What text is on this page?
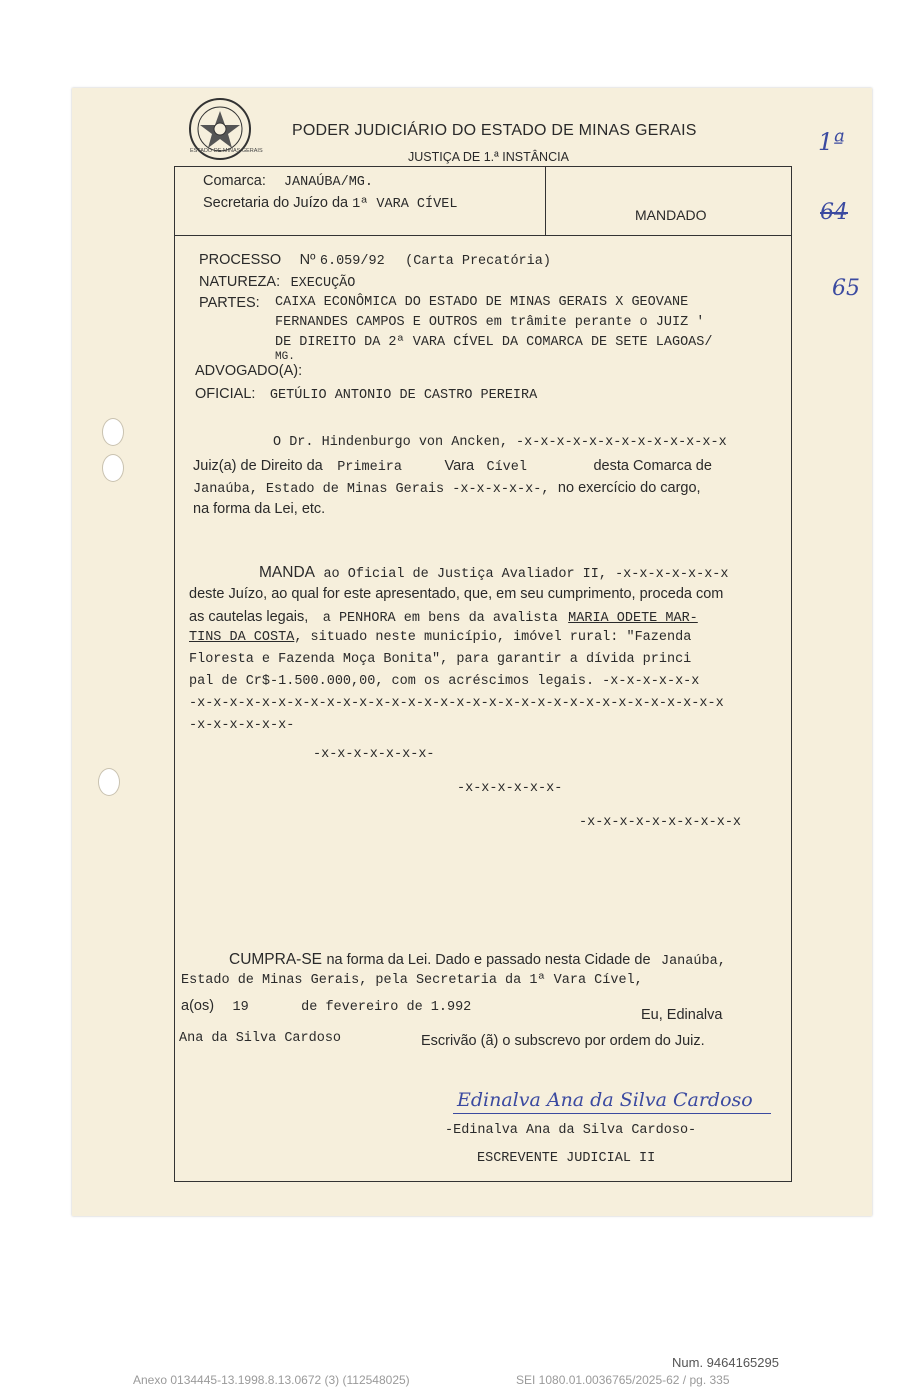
ESTADO DE MINAS GERAIS
PODER JUDICIÁRIO DO ESTADO DE MINAS GERAIS
JUSTIÇA DE 1.ª INSTÂNCIA
Comarca: JANAÚBA/MG.
Secretaria do Juízo da 1ª VARA CÍVEL
MANDADO
PROCESSO Nº 6.059/92 (Carta Precatória)
NATUREZA: EXECUÇÃO
PARTES: CAIXA ECONÔMICA DO ESTADO DE MINAS GERAIS X GEOVANE
FERNANDES CAMPOS E OUTROS em trâmite perante o JUIZ '
DE DIREITO DA 2ª VARA CÍVEL DA COMARCA DE SETE LAGOAS/
MG.
ADVOGADO(A):
OFICIAL: GETÚLIO ANTONIO DE CASTRO PEREIRA
O Dr. Hindenburgo von Ancken, -x-x-x-x-x-x-x-x-x-x-x-x-x
Juiz(a) de Direito da Primeira	Vara Cível	desta Comarca de
Janaúba, Estado de Minas Gerais -x-x-x-x-x-, no exercício do cargo,
na forma da Lei, etc.
MANDA ao Oficial de Justiça Avaliador II, -x-x-x-x-x-x-x
deste Juízo, ao qual for este apresentado, que, em seu cumprimento, proceda com
as cautelas legais, a PENHORA em bens da avalista MARIA ODETE MAR-
TINS DA COSTA, situado neste município, imóvel rural: "Fazenda
Floresta e Fazenda Moça Bonita", para garantir a dívida princi
pal de Cr$-1.500.000,00, com os acréscimos legais. -x-x-x-x-x-x
-x-x-x-x-x-x-x-x-x-x-x-x-x-x-x-x-x-x-x-x-x-x-x-x-x-x-x-x-x-x-x-x-x
-x-x-x-x-x-x-
-x-x-x-x-x-x-x-
-x-x-x-x-x-x-
-x-x-x-x-x-x-x-x-x-x
CUMPRA-SE na forma da Lei. Dado e passado nesta Cidade de Janaúba,
Estado de Minas Gerais, pela Secretaria da 1ª Vara Cível,
a(os) 19	de fevereiro de 1.992	Eu, Edinalva
Ana da Silva Cardoso	Escrivão (ã) o subscrevo por ordem do Juiz.
Edinalva Ana da Silva Cardoso
-Edinalva Ana da Silva Cardoso-
ESCREVENTE JUDICIAL II
1ª
64
65
Num. 9464165295
Anexo 0134445-13.1998.8.13.0672 (3) (112548025)	SEI 1080.01.0036765/2025-62 / pg. 335
